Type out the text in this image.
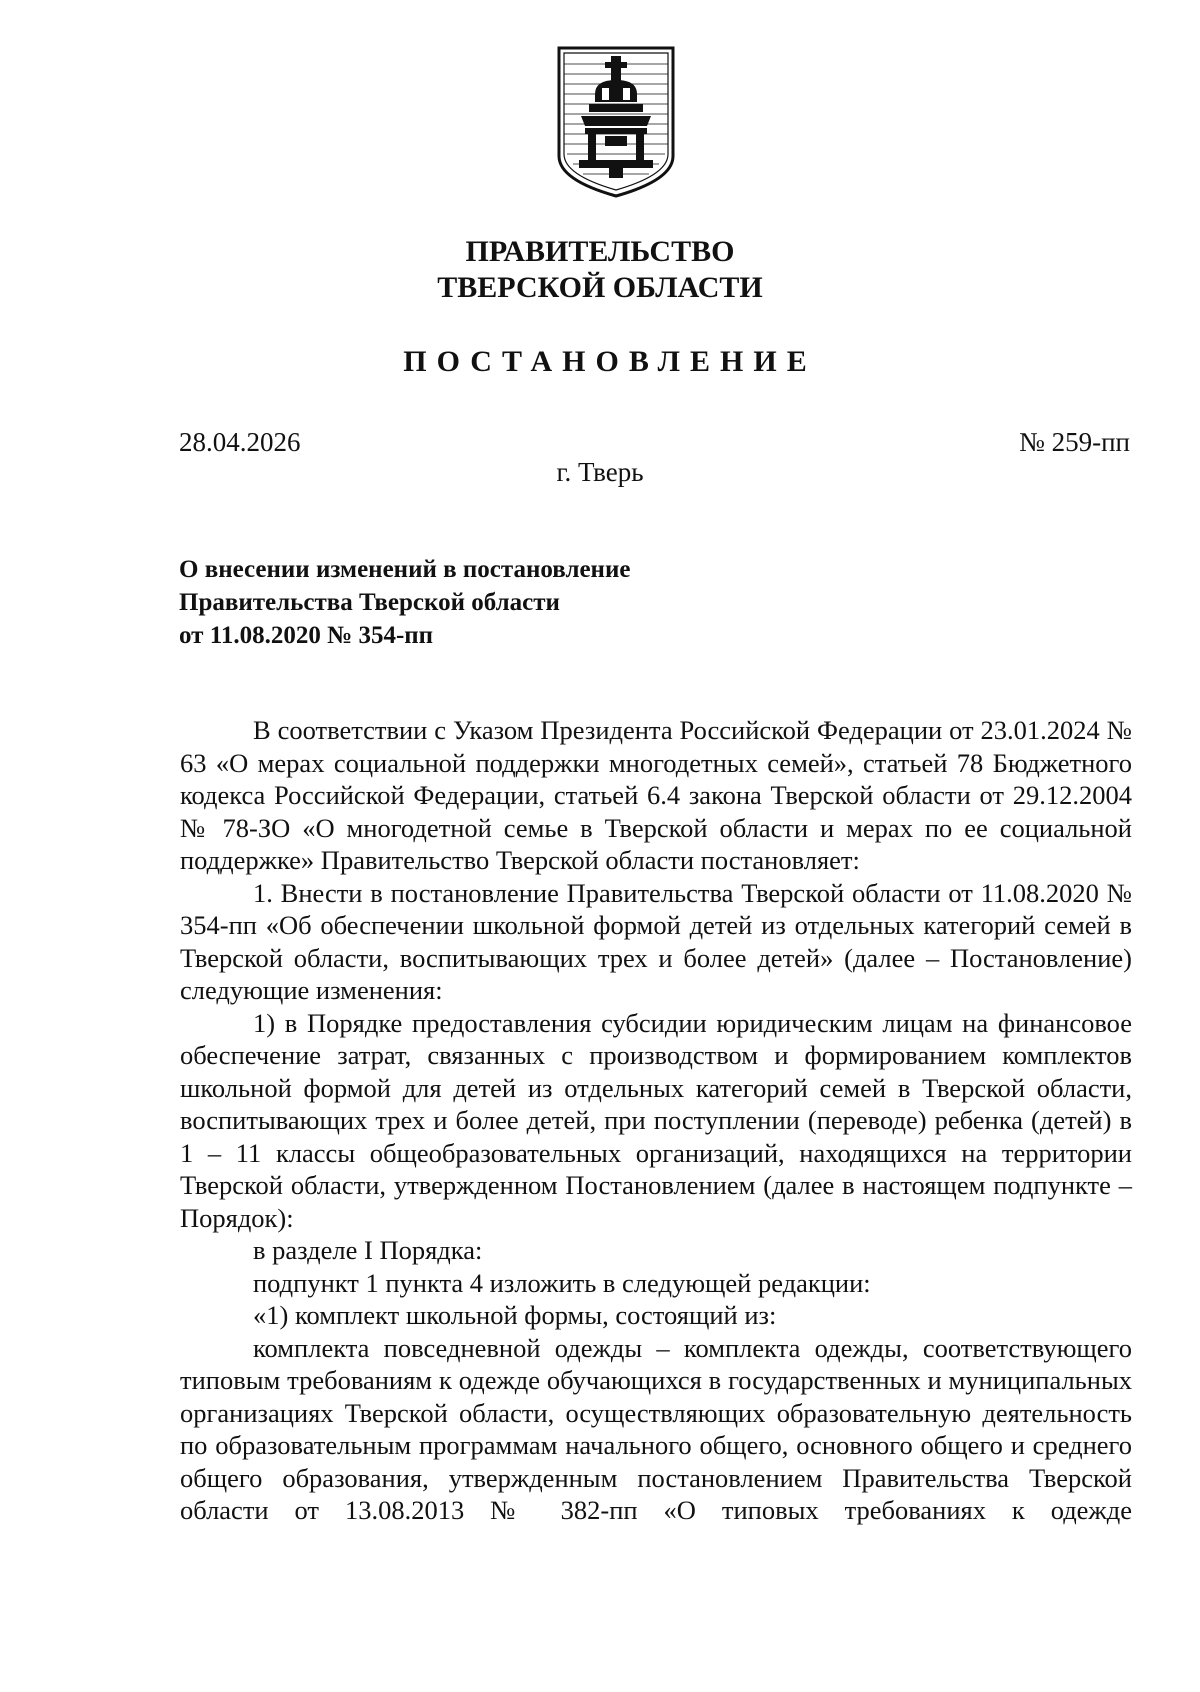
ПРАВИТЕЛЬСТВО
ТВЕРСКОЙ ОБЛАСТИ
ПОСТАНОВЛЕНИЕ
28.04.2026	№ 259-пп
г. Тверь
О внесении изменений в постановление
Правительства Тверской области
от 11.08.2020 № 354-пп

В соответствии с Указом Президента Российской Федерации от 23.01.2024 № 63 «О мерах социальной поддержки многодетных семей», статьей 78 Бюджетного кодекса Российской Федерации, статьей 6.4 закона Тверской области от 29.12.2004 № 78-ЗО «О многодетной семье в Тверской области и мерах по ее социальной поддержке» Правительство Тверской области постановляет:

1. Внести в постановление Правительства Тверской области от 11.08.2020 № 354-пп «Об обеспечении школьной формой детей из отдельных категорий семей в Тверской области, воспитывающих трех и более детей» (далее – Постановление) следующие изменения:

1) в Порядке предоставления субсидии юридическим лицам на финансовое обеспечение затрат, связанных с производством и формированием комплектов школьной формой для детей из отдельных категорий семей в Тверской области, воспитывающих трех и более детей, при поступлении (переводе) ребенка (детей) в 1 – 11 классы общеобразовательных организаций, находящихся на территории Тверской области, утвержденном Постановлением (далее в настоящем подпункте – Порядок):

в разделе I Порядка:

подпункт 1 пункта 4 изложить в следующей редакции:

«1) комплект школьной формы, состоящий из:

комплекта повседневной одежды – комплекта одежды, соответствующего типовым требованиям к одежде обучающихся в государственных и муниципальных организациях Тверской области, осуществляющих образовательную деятельность по образовательным программам начального общего, основного общего и среднего общего образования, утвержденным постановлением Правительства Тверской области от 13.08.2013 № 382-пп «О типовых требованиях к одежде
